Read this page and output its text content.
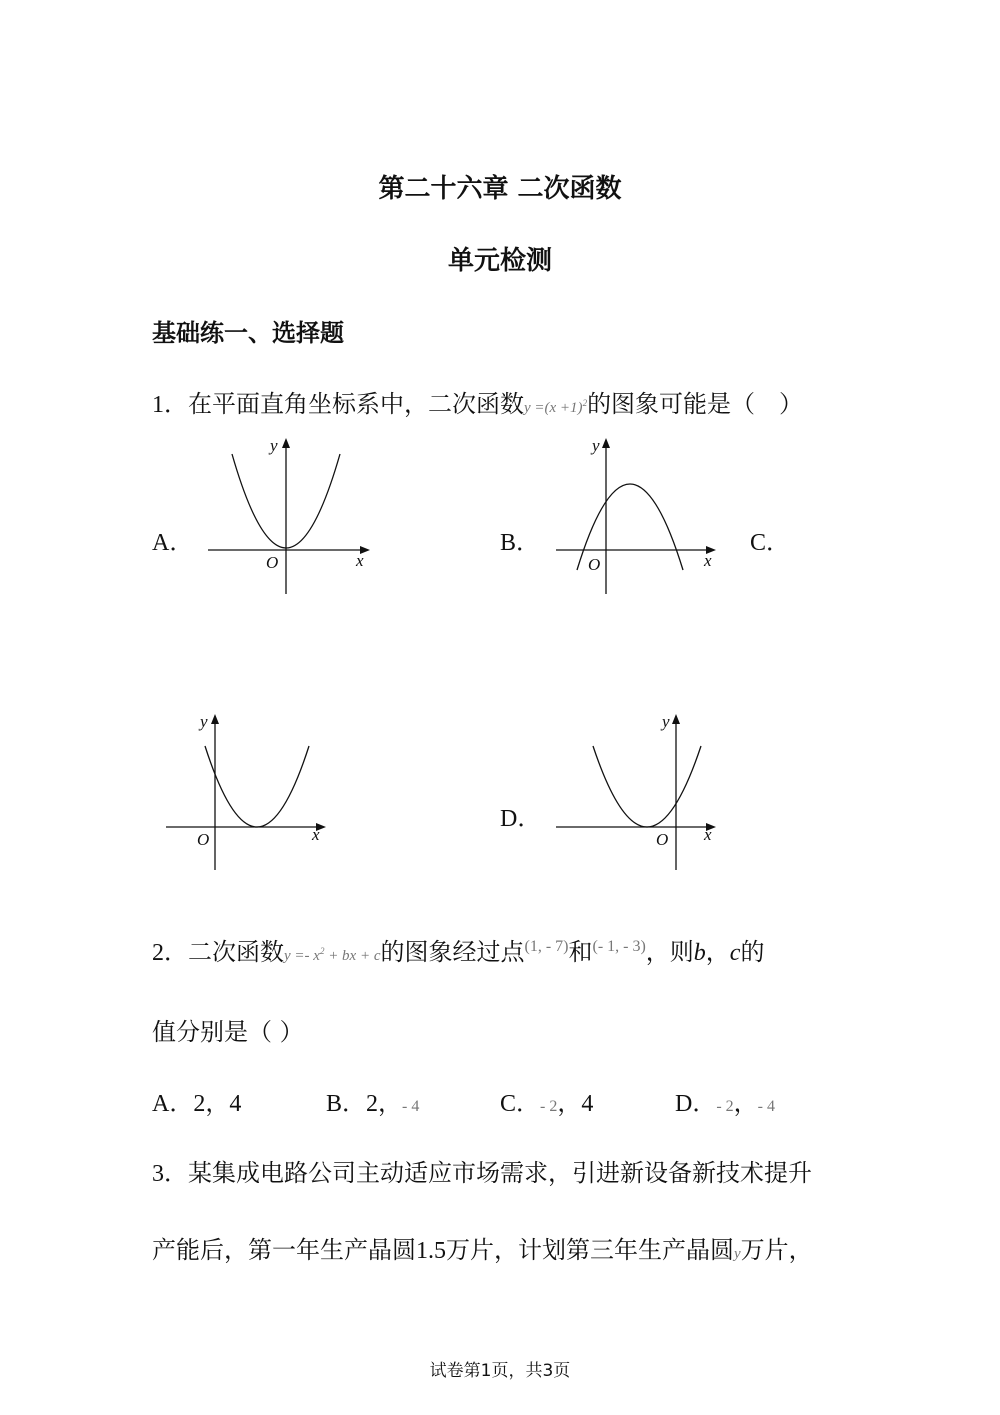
第二十六章 二次函数
单元检测
基础练一、选择题
1．在平面直角坐标系中，二次函数$y =(x +1)^2$的图象可能是（　）
A．	B．	C．
D．
y
x
O
y
x
O
y
x
O
y
x
O
2．二次函数$y =- x^2$ + bx + c的图象经过点$^{(1, - 7)}$和$^{(- 1, - 3)}$，则b，c的
值分别是（ ）
A．2，4	B．2，- 4	C．- 2，4	D．- 2，- 4
3．某集成电路公司主动适应市场需求，引进新设备新技术提升
产能后，第一年生产晶圆1.5万片，计划第三年生产晶圆y万片，
试卷第1页，共3页
